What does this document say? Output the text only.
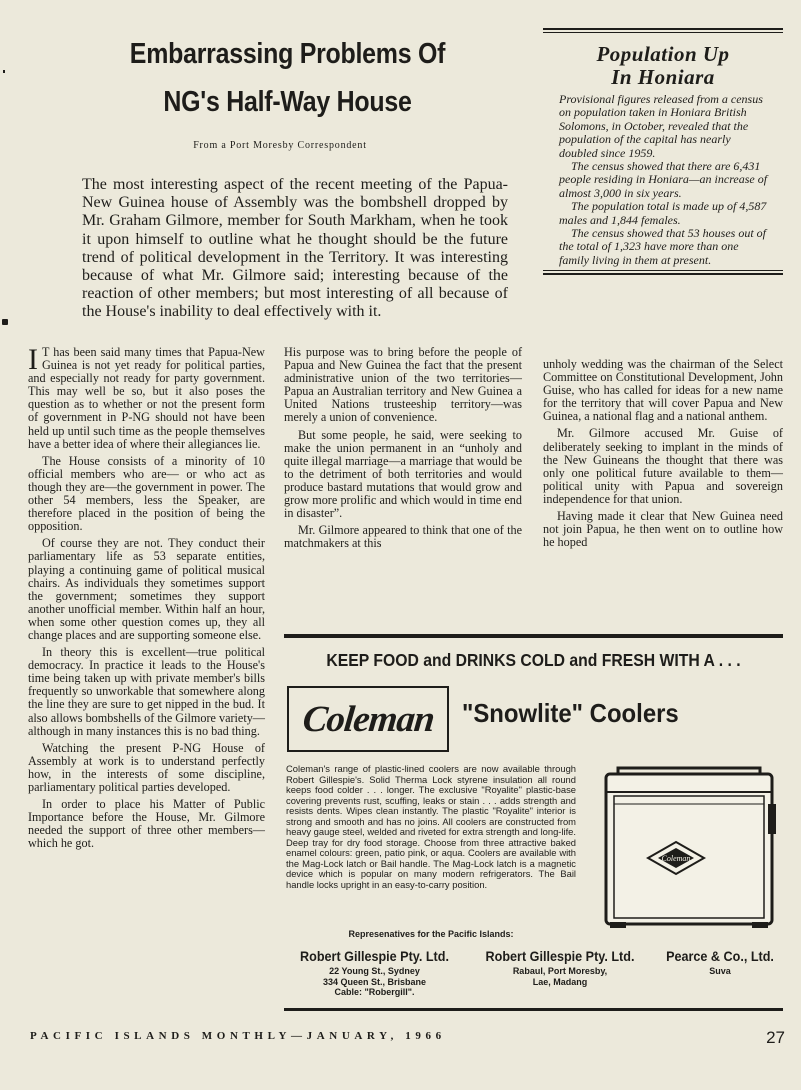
Embarrassing Problems Of
NG's Half-Way House
From a Port Moresby Correspondent
The most interesting aspect of the recent meeting of the Papua-New Guinea house of Assembly was the bombshell dropped by Mr. Graham Gilmore, member for South Markham, when he took it upon himself to outline what he thought should be the future trend of political development in the Territory. It was interesting because of what Mr. Gilmore said; interesting because of the reaction of other members; but most interesting of all because of the House's inability to deal effectively with it.
Population Up
In Honiara

Provisional figures released from a census on population taken in Honiara British Solomons, in October, revealed that the population of the capital has nearly doubled since 1959.

The census showed that there are 6,431 people residing in Honiara—an increase of almost 3,000 in six years.

The population total is made up of 4,587 males and 1,844 females.

The census showed that 53 houses out of the total of 1,323 have more than one family living in them at present.

I T has been said many times that Papua-New Guinea is not yet ready for political parties, and especially not ready for party government. This may well be so, but it also poses the question as to whether or not the present form of government in P-NG should not have been held up until such time as the people themselves have a better idea of where their allegiances lie.

The House consists of a minority of 10 official members who are— or who act as though they are—the government in power. The other 54 members, less the Speaker, are therefore placed in the position of being the opposition.

Of course they are not. They conduct their parliamentary life as 53 separate entities, playing a continuing game of political musical chairs. As individuals they sometimes support the government; sometimes they support another unofficial member. Within half an hour, when some other question comes up, they all change places and are supporting someone else.

In theory this is excellent—true political democracy. In practice it leads to the House's time being taken up with private member's bills frequently so unworkable that somewhere along the line they are sure to get nipped in the bud. It also allows bombshells of the Gilmore variety—although in many instances this is no bad thing.

Watching the present P-NG House of Assembly at work is to understand perfectly how, in the interests of some discipline, parliamentary political parties developed.

In order to place his Matter of Public Importance before the House, Mr. Gilmore needed the support of three other members—which he got.

His purpose was to bring before the people of Papua and New Guinea the fact that the present administrative union of the two territories—Papua an Australian territory and New Guinea a United Nations trusteeship territory—was merely a union of convenience.

But some people, he said, were seeking to make the union permanent in an “unholy and quite illegal marriage—a marriage that would be to the detriment of both territories and would produce bastard mutations that would grow and grow more prolific and which would in time end in disaster”.

Mr. Gilmore appeared to think that one of the matchmakers at this

unholy wedding was the chairman of the Select Committee on Constitutional Development, John Guise, who has called for ideas for a new name for the territory that will cover Papua and New Guinea, a national flag and a national anthem.

Mr. Gilmore accused Mr. Guise of deliberately seeking to implant in the minds of the New Guineans the thought that there was only one political future available to them— political unity with Papua and sovereign independence for that union.

Having made it clear that New Guinea need not join Papua, he then went on to outline how he hoped

KEEP FOOD and DRINKS COLD and FRESH WITH A . . .
Coleman "Snowlite" Coolers
Coleman's range of plastic-lined coolers are now available through Robert Gillespie's. Solid Therma Lock styrene insulation all round keeps food colder . . . longer. The exclusive "Royalite" plastic-base covering prevents rust, scuffing, leaks or stain . . . adds strength and resists dents. Wipes clean instantly. The plastic "Royalite" interior is strong and smooth and has no joins. All coolers are constructed from heavy gauge steel, welded and riveted for extra strength and long-life. Deep tray for dry food storage. Choose from three attractive baked enamel colours: green, patio pink, or aqua. Coolers are available with the Mag-Lock latch or Bail handle. The Mag-Lock latch is a magnetic device which is popular on many modern refrigerators. The Bail handle locks upright in an easy-to-carry position.
Coleman
Represenatives for the Pacific Islands:
Robert Gillespie Pty. Ltd.
22 Young St., Sydney
334 Queen St., Brisbane
Cable: "Robergill".
Robert Gillespie Pty. Ltd.
Rabaul, Port Moresby,
Lae, Madang
Pearce & Co., Ltd.
Suva
PACIFIC ISLANDS MONTHLY—JANUARY, 1966	27
